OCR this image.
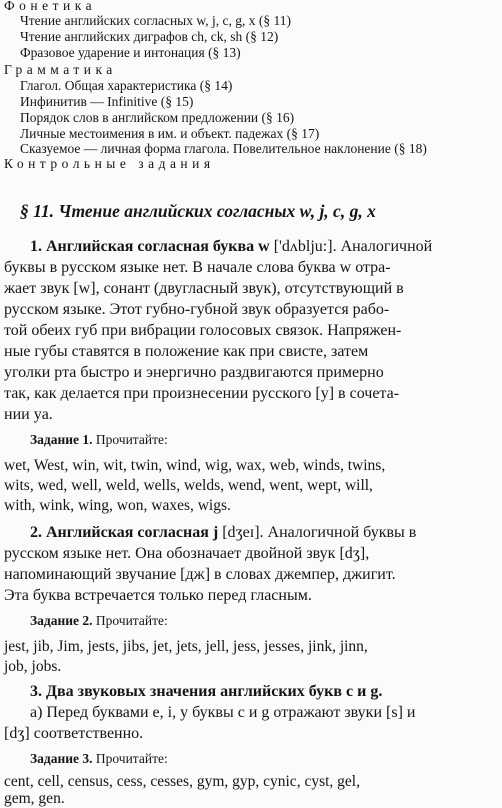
Фонетика
Чтение английских согласных w, j, c, g, x (§ 11)
Чтение английских диграфов ch, ck, sh (§ 12)
Фразовое ударение и интонация (§ 13)
Грамматика
Глагол. Общая характеристика (§ 14)
Инфинитив — Infinitive (§ 15)
Порядок слов в английском предложении (§ 16)
Личные местоимения в им. и объект. падежах (§ 17)
Сказуемое — личная форма глагола. Повелительное наклонение (§ 18)
Контрольные задания
§ 11. Чтение английских согласных w, j, c, g, x
1. Английская согласная буква w ['dʌblju:]. Аналогичной
буквы в русском языке нет. В начале слова буква w отра-
жает звук [w], сонант (двугласный звук), отсутствующий в
русском языке. Этот губно-губной звук образуется рабо-
той обеих губ при вибрации голосовых связок. Напряжен-
ные губы ставятся в положение как при свисте, затем
уголки рта быстро и энергично раздвигаются примерно
так, как делается при произнесении русского [у] в сочета-
нии ya.
Задание 1. Прочитайте:
wet, West, win, wit, twin, wind, wig, wax, web, winds, twins,
wits, wed, well, weld, wells, welds, wend, went, wept, will,
with, wink, wing, won, waxes, wigs.
2. Английская согласная j [dʒeɪ]. Аналогичной буквы в
русском языке нет. Она обозначает двойной звук [dʒ],
напоминающий звучание [дж] в словах джемпер, джигит.
Эта буква встречается только перед гласным.
Задание 2. Прочитайте:
jest, jib, Jim, jests, jibs, jet, jets, jell, jess, jesses, jink, jinn,
job, jobs.
3. Два звуковых значения английских букв c и g.
а) Перед буквами e, i, y буквы c и g отражают звуки [s] и
[dʒ] соответственно.
Задание 3. Прочитайте:
cent, cell, census, cess, cesses, gym, gyp, cynic, cyst, gel,
gem, gen.
